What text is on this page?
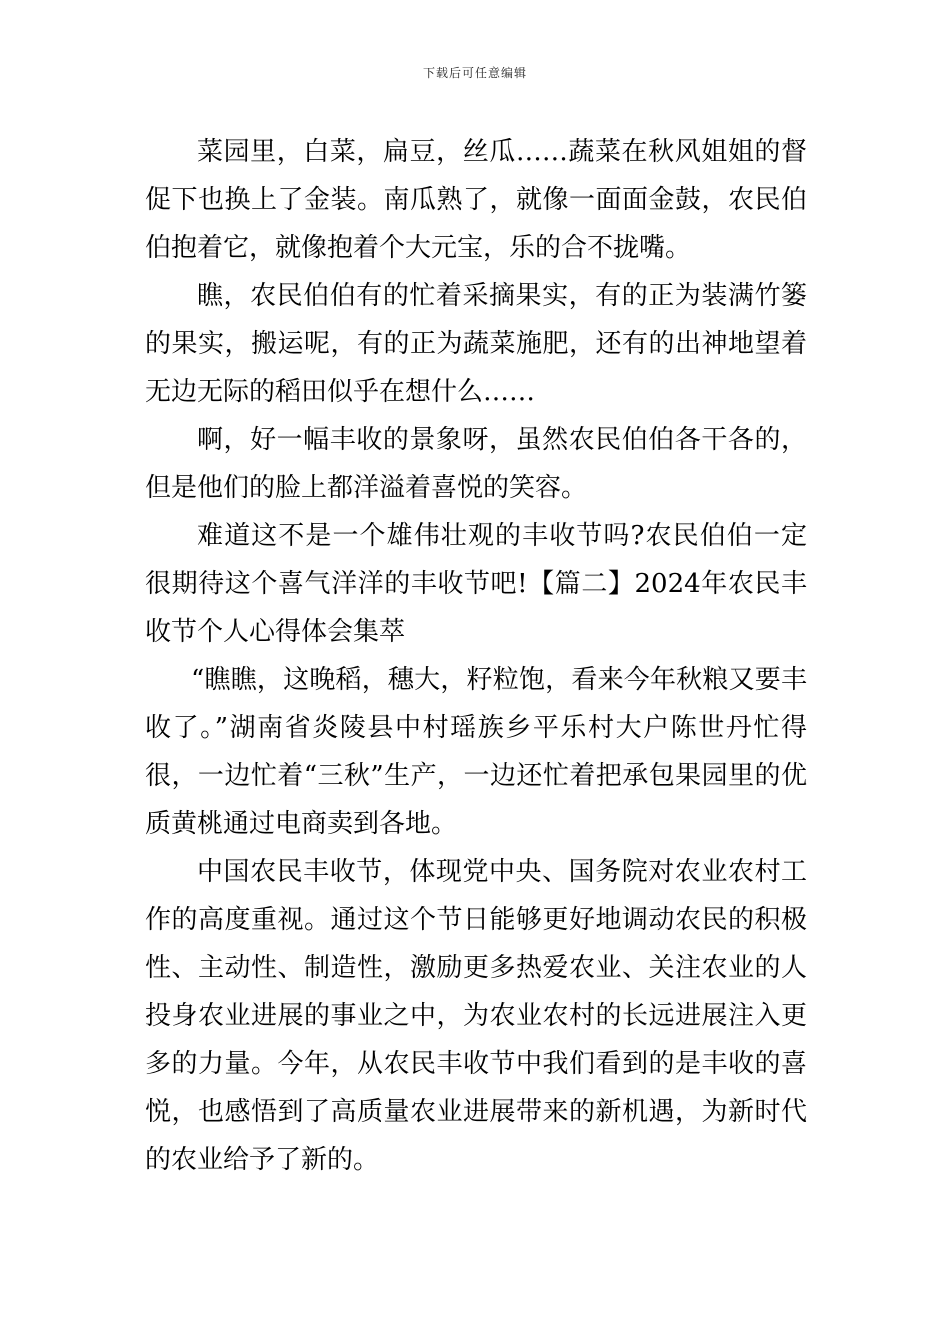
下载后可任意编辑

菜园里，白菜，扁豆，丝瓜……蔬菜在秋风姐姐的督促下也换上了金装。南瓜熟了，就像一面面金鼓，农民伯伯抱着它，就像抱着个大元宝，乐的合不拢嘴。

瞧，农民伯伯有的忙着采摘果实，有的正为装满竹篓的果实，搬运呢，有的正为蔬菜施肥，还有的出神地望着无边无际的稻田似乎在想什么……

啊，好一幅丰收的景象呀，虽然农民伯伯各干各的，但是他们的脸上都洋溢着喜悦的笑容。

难道这不是一个雄伟壮观的丰收节吗?农民伯伯一定很期待这个喜气洋洋的丰收节吧!【篇二】2024年农民丰收节个人心得体会集萃

“瞧瞧，这晚稻，穗大，籽粒饱，看来今年秋粮又要丰收了。”湖南省炎陵县中村瑶族乡平乐村大户陈世丹忙得很，一边忙着“三秋”生产，一边还忙着把承包果园里的优质黄桃通过电商卖到各地。

中国农民丰收节，体现党中央、国务院对农业农村工作的高度重视。通过这个节日能够更好地调动农民的积极性、主动性、制造性，激励更多热爱农业、关注农业的人投身农业进展的事业之中，为农业农村的长远进展注入更多的力量。今年，从农民丰收节中我们看到的是丰收的喜悦，也感悟到了高质量农业进展带来的新机遇，为新时代的农业给予了新的。
